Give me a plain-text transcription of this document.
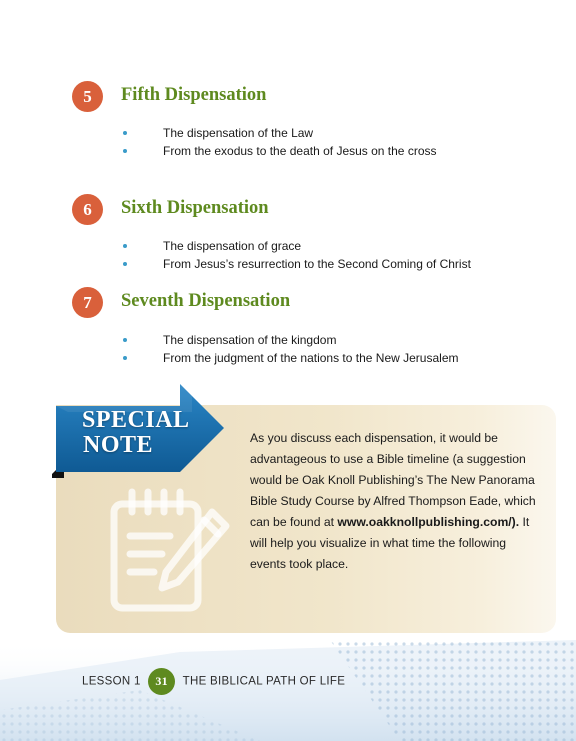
5	Fifth Dispensation
The dispensation of the Law
From the exodus to the death of Jesus on the cross
6	Sixth Dispensation
The dispensation of grace
From Jesus’s resurrection to the Second Coming of Christ
7	Seventh Dispensation
The dispensation of the kingdom
From the judgment of the nations to the New Jerusalem
SPECIAL
NOTE	As you discuss each dispensation, it would be advantageous to use a Bible timeline (a suggestion would be Oak Knoll Publishing’s The New Panorama Bible Study Course by Alfred Thompson Eade, which can be found at www.oakknollpublishing.com/). It will help you visualize in what time the following events took place.

LESSON 1 31 THE BIBLICAL PATH OF LIFE
